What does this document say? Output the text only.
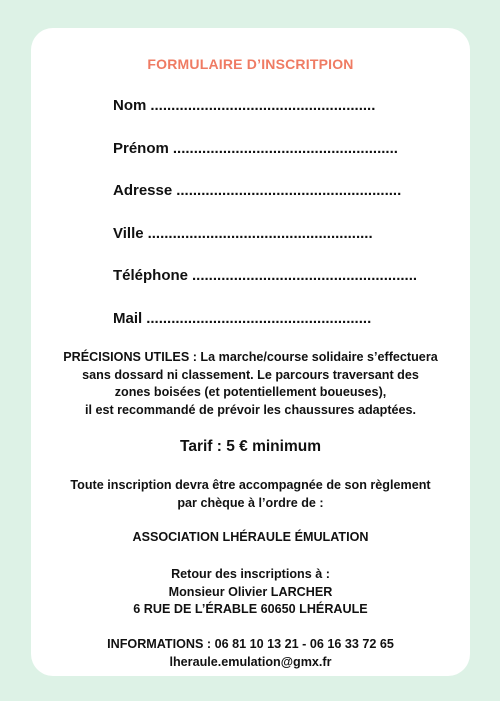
FORMULAIRE D’INSCRITPION
Nom ......................................................
Prénom ......................................................
Adresse ......................................................
Ville ......................................................
Téléphone ......................................................
Mail ......................................................
PRÉCISIONS UTILES : La marche/course solidaire s’effectuera
sans dossard ni classement. Le parcours traversant des
zones boisées (et potentiellement boueuses),
il est recommandé de prévoir les chaussures adaptées.
Tarif : 5 € minimum
Toute inscription devra être accompagnée de son règlement
par chèque à l’ordre de :
ASSOCIATION LHÉRAULE ÉMULATION
Retour des inscriptions à :
Monsieur Olivier LARCHER
6 RUE DE L’ÉRABLE 60650 LHÉRAULE
INFORMATIONS : 06 81 10 13 21 - 06 16 33 72 65
lheraule.emulation@gmx.fr
